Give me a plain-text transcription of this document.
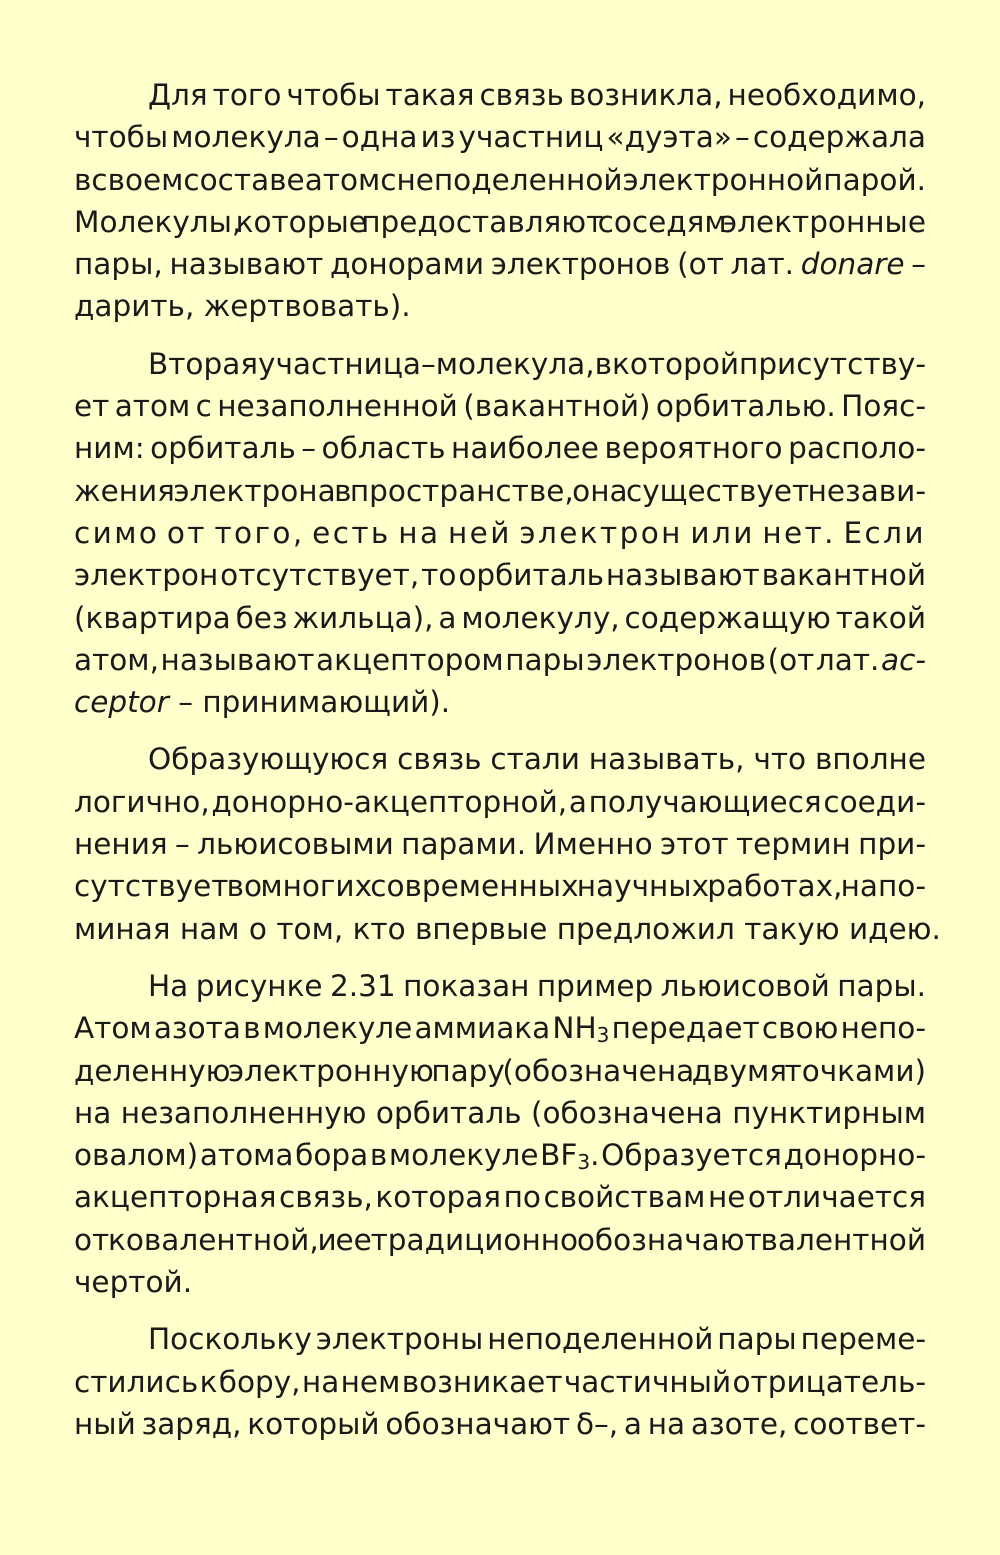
Для того чтобы такая связь возникла, необходимо,
чтобы молекула – одна из участниц «дуэта» – содержала
в своем составе атом с неподеленной электронной парой.
Молекулы, которые предоставляют соседям электронные
пары, называют донорами электронов (от лат. donare –
дарить, жертвовать).

Вторая участница – молекула, в которой присутству-
ет атом с незаполненной (вакантной) орбиталью. Пояс-
ним: орбиталь – область наиболее вероятного располо-
жения электрона в пространстве, она существует незави-
симо от того, есть на ней электрон или нет. Если
электрон отсутствует, то орбиталь называют вакантной
(квартира без жильца), а молекулу, содержащую такой
атом, называют акцептором пары электронов (от лат. ac-
ceptor – принимающий).

Образующуюся связь стали называть, что вполне
логично, донорно-акцепторной, а получающиеся соеди-
нения – льюисовыми парами. Именно этот термин при-
сутствует во многих современных научных работах, напо-
миная нам о том, кто впервые предложил такую идею.

На рисунке 2.31 показан пример льюисовой пары.
Атом азота в молекуле аммиака $NH_3$ передает свою непо-
деленную электронную пару (обозначена двумя точками)
на незаполненную орбиталь (обозначена пунктирным
овалом) атома бора в молекуле $BF_3$. Образуется донорно-
акцепторная связь, которая по свойствам не отличается
от ковалентной, и ее традиционно обозначают валентной
чертой.

Поскольку электроны неподеленной пары переме-
стились к бору, на нем возникает частичный отрицатель-
ный заряд, который обозначают δ–, а на азоте, соответ-
